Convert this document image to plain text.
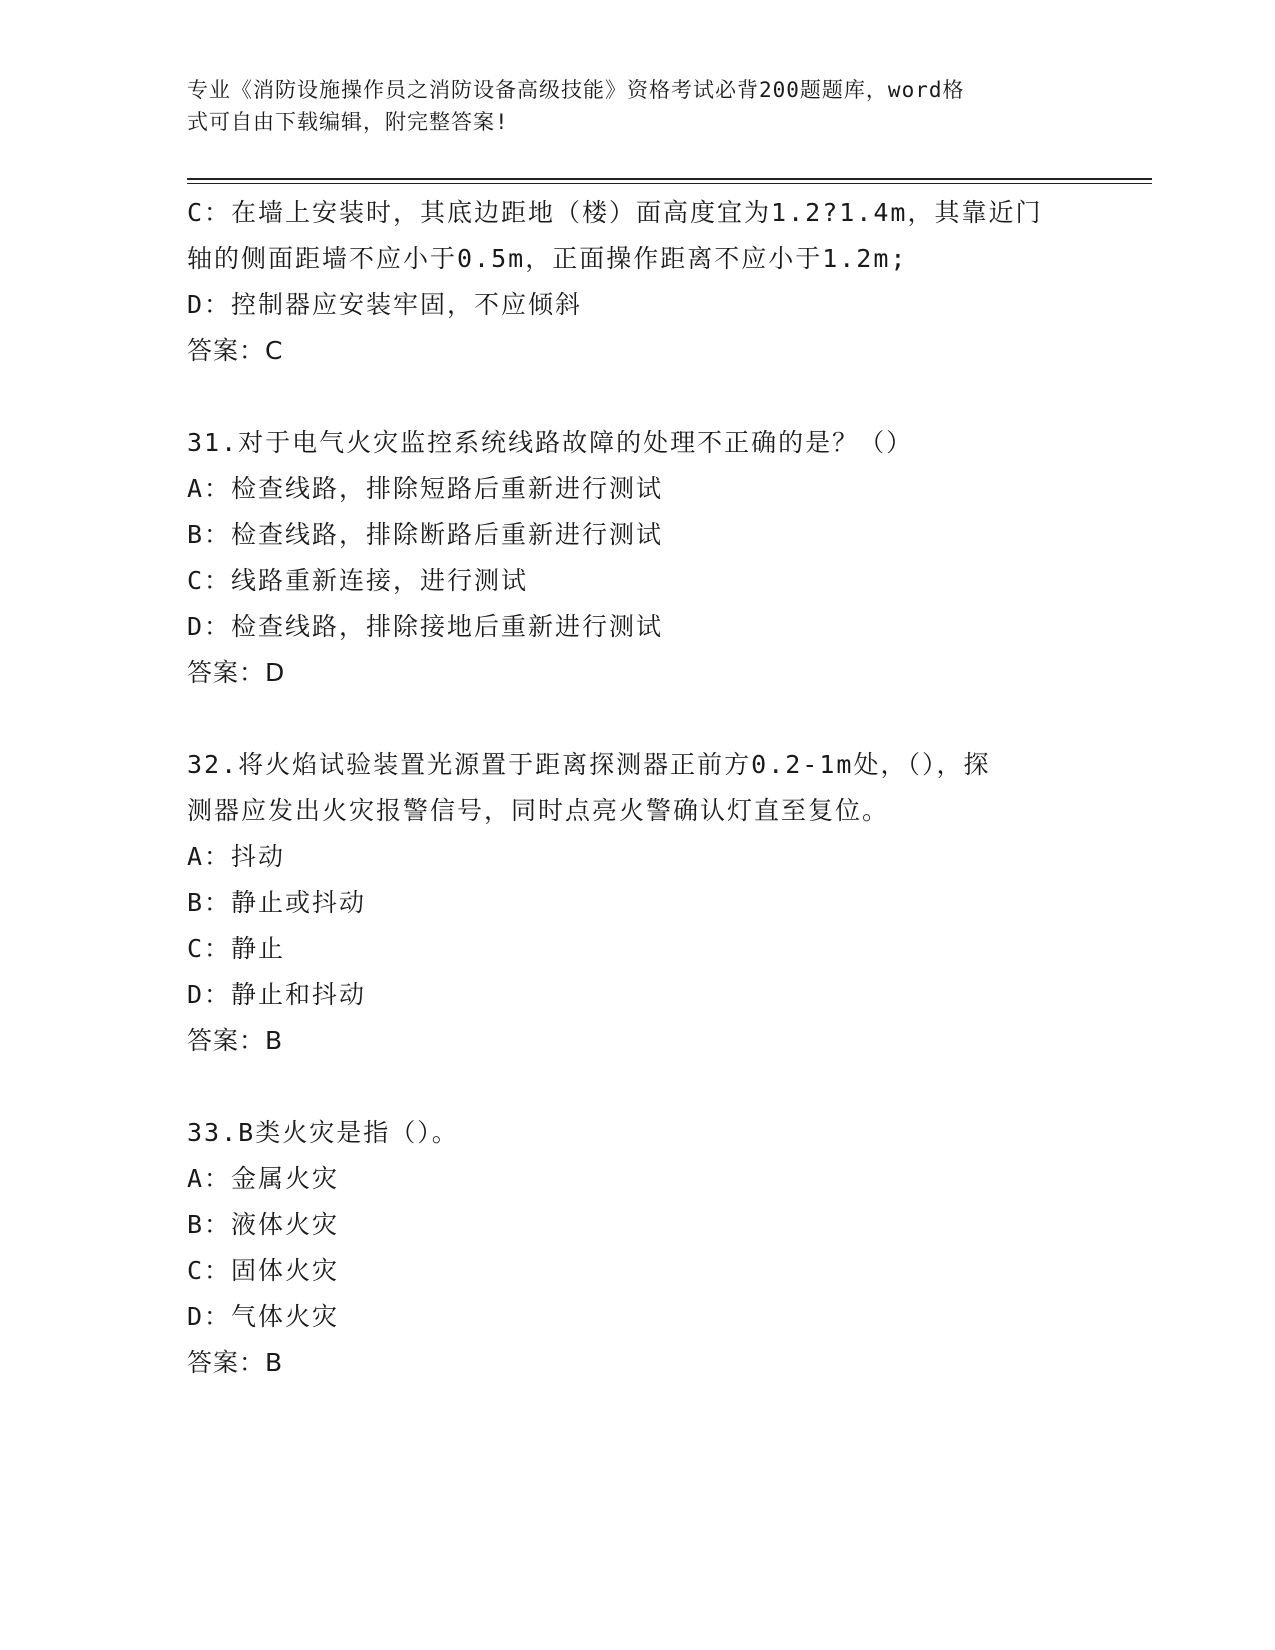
专业《消防设施操作员之消防设备高级技能》资格考试必背200题题库，word格
式可自由下载编辑，附完整答案!
C：在墙上安装时，其底边距地（楼）面高度宜为1.2?1.4m，其靠近门
轴的侧面距墙不应小于0.5m，正面操作距离不应小于1.2m;
D：控制器应安装牢固，不应倾斜
答案：C
31.对于电气火灾监控系统线路故障的处理不正确的是？（）
A：检查线路，排除短路后重新进行测试
B：检查线路，排除断路后重新进行测试
C：线路重新连接，进行测试
D：检查线路，排除接地后重新进行测试
答案：D
32.将火焰试验装置光源置于距离探测器正前方0.2-1m处，（），探
测器应发出火灾报警信号，同时点亮火警确认灯直至复位。
A：抖动
B：静止或抖动
C：静止
D：静止和抖动
答案：B
33.B类火灾是指（）。
A：金属火灾
B：液体火灾
C：固体火灾
D：气体火灾
答案：B
